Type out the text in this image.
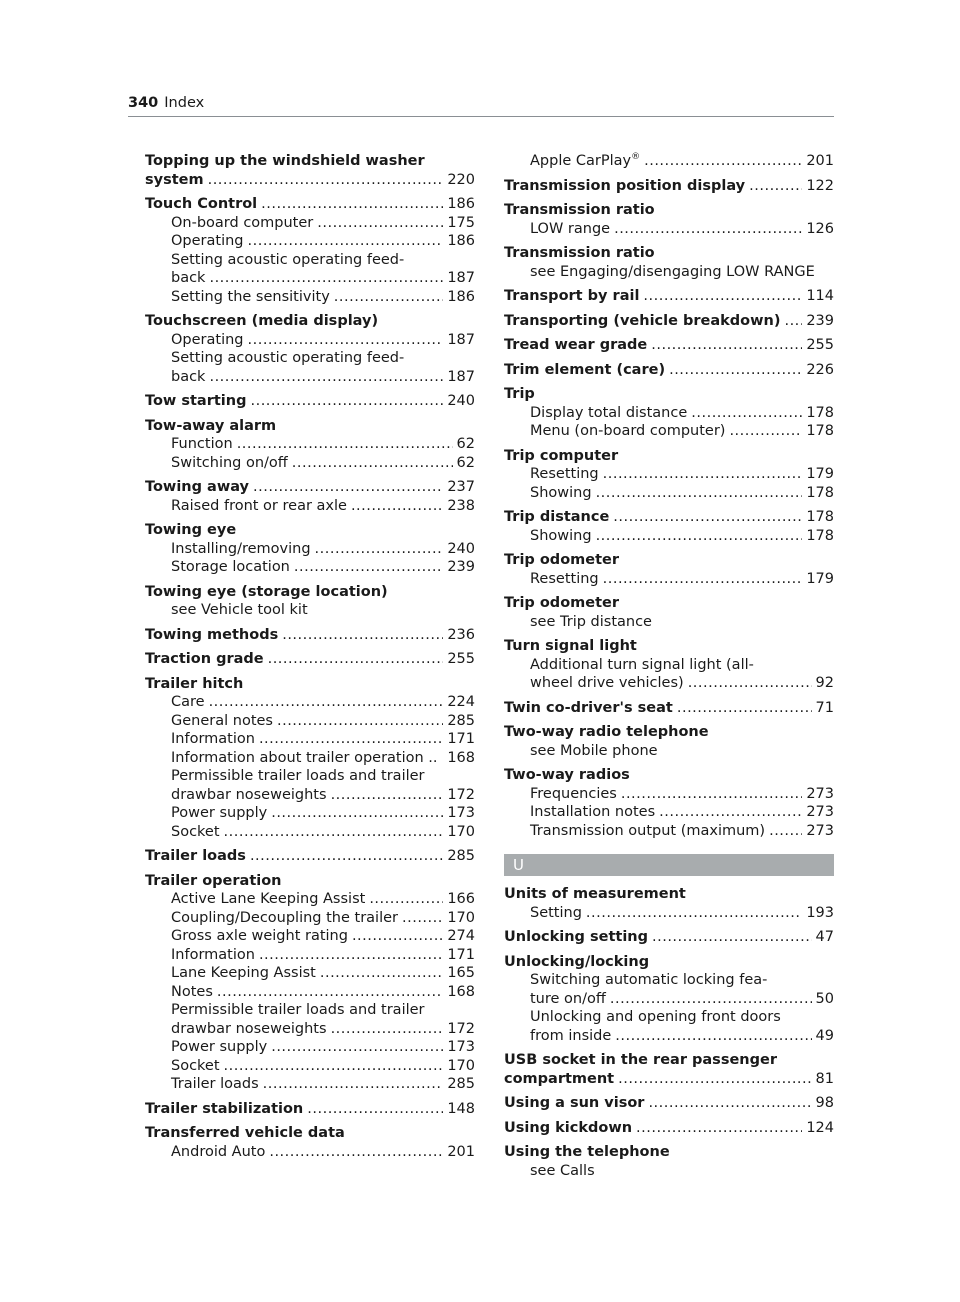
340 Index
Topping up the windshield washer
system .....	220
Touch Control .....	186
On-board computer .....	175
Operating .....	186
Setting acoustic operating feed-
back .....	187
Setting the sensitivity .....	186
Touchscreen (media display)
Operating .....	187
Setting acoustic operating feed-
back .....	187
Tow starting .....	240
Tow-away alarm
Function .....	62
Switching on/off .....	62
Towing away .....	237
Raised front or rear axle .....	238
Towing eye
Installing/removing .....	240
Storage location .....	239
Towing eye (storage location)
see Vehicle tool kit
Towing methods .....	236
Traction grade .....	255
Trailer hitch
Care .....	224
General notes .....	285
Information .....	171
Information about trailer operation .. 168
Permissible trailer loads and trailer
drawbar noseweights .....	172
Power supply .....	173
Socket .....	170
Trailer loads .....	285
Trailer operation
Active Lane Keeping Assist .....	166
Coupling/Decoupling the trailer .....	170
Gross axle weight rating .....	274
Information .....	171
Lane Keeping Assist .....	165
Notes .....	168
Permissible trailer loads and trailer
drawbar noseweights .....	172
Power supply .....	173
Socket .....	170
Trailer loads .....	285
Trailer stabilization .....	148
Transferred vehicle data
Android Auto .....	201
Apple CarPlay® .....	201
Transmission position display .....	122
Transmission ratio
LOW range .....	126
Transmission ratio
see Engaging/disengaging LOW RANGE
Transport by rail .....	114
Transporting (vehicle breakdown) ..... 239
Tread wear grade .....	255
Trim element (care) .....	226
Trip
Display total distance .....	178
Menu (on-board computer) .....	178
Trip computer
Resetting .....	179
Showing .....	178
Trip distance .....	178
Showing .....	178
Trip odometer
Resetting .....	179
Trip odometer
see Trip distance
Turn signal light
Additional turn signal light (all-
wheel drive vehicles) .....	92
Twin co-driver's seat .....	71
Two-way radio telephone
see Mobile phone
Two-way radios
Frequencies .....	273
Installation notes .....	273
Transmission output (maximum) .....	273
U
Units of measurement
Setting .....	193
Unlocking setting .....	47
Unlocking/locking
Switching automatic locking fea-
ture on/off .....	50
Unlocking and opening front doors
from inside .....	49
USB socket in the rear passenger
compartment .....	81
Using a sun visor .....	98
Using kickdown .....	124
Using the telephone
see Calls
